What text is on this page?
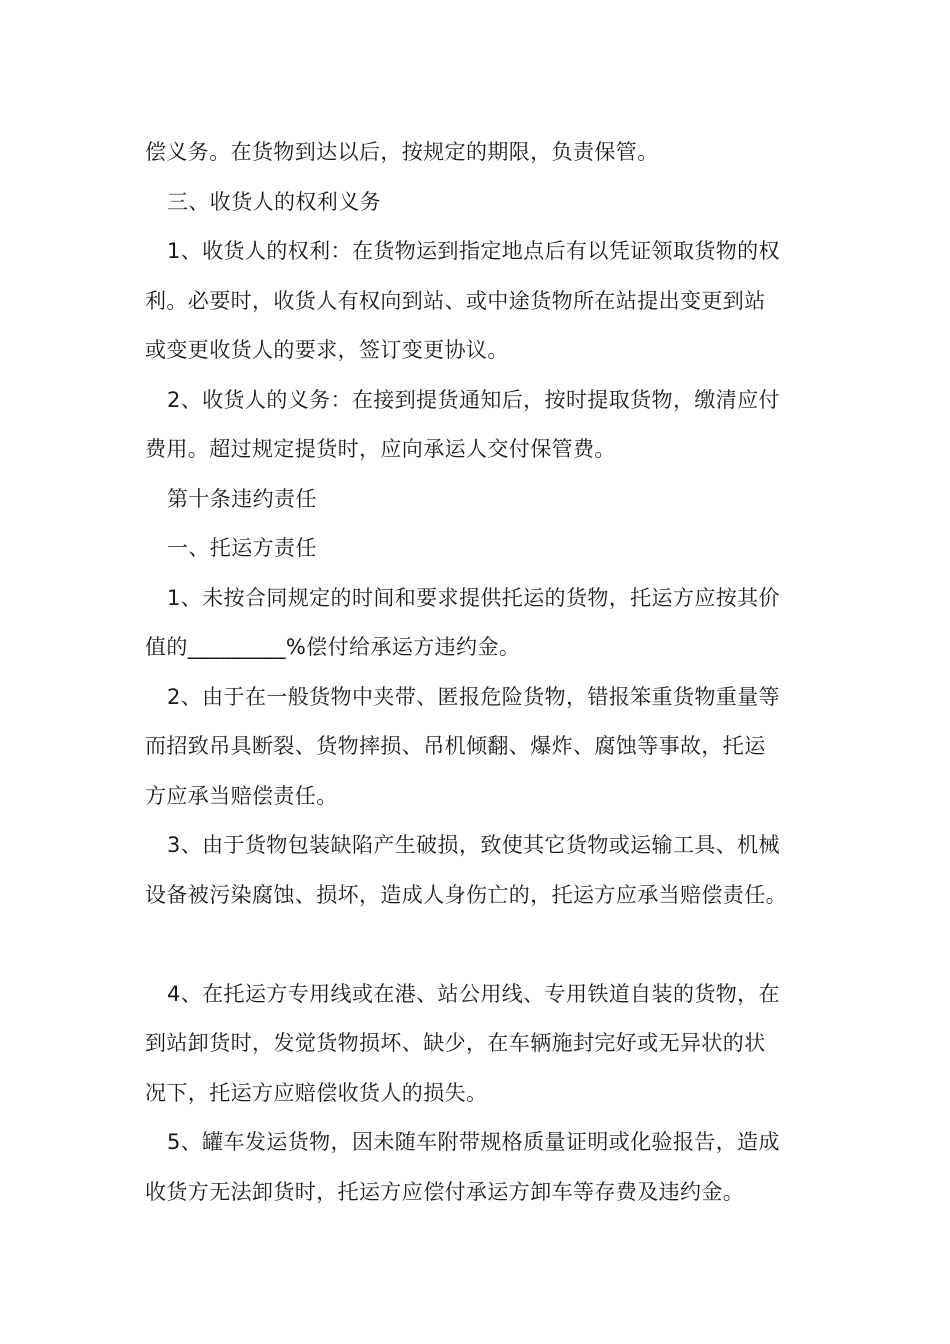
偿义务。在货物到达以后，按规定的期限，负责保管。

三、收货人的权利义务

1、收货人的权利：在货物运到指定地点后有以凭证领取货物的权

利。必要时，收货人有权向到站、或中途货物所在站提出变更到站

或变更收货人的要求，签订变更协议。

2、收货人的义务：在接到提货通知后，按时提取货物，缴清应付

费用。超过规定提货时，应向承运人交付保管费。

第十条违约责任

一、托运方责任

1、未按合同规定的时间和要求提供托运的货物，托运方应按其价

值的_________%偿付给承运方违约金。

2、由于在一般货物中夹带、匿报危险货物，错报笨重货物重量等

而招致吊具断裂、货物摔损、吊机倾翻、爆炸、腐蚀等事故，托运

方应承当赔偿责任。

3、由于货物包装缺陷产生破损，致使其它货物或运输工具、机械

设备被污染腐蚀、损坏，造成人身伤亡的，托运方应承当赔偿责任。

4、在托运方专用线或在港、站公用线、专用铁道自装的货物，在

到站卸货时，发觉货物损坏、缺少，在车辆施封完好或无异状的状

况下，托运方应赔偿收货人的损失。

5、罐车发运货物，因未随车附带规格质量证明或化验报告，造成

收货方无法卸货时，托运方应偿付承运方卸车等存费及违约金。
